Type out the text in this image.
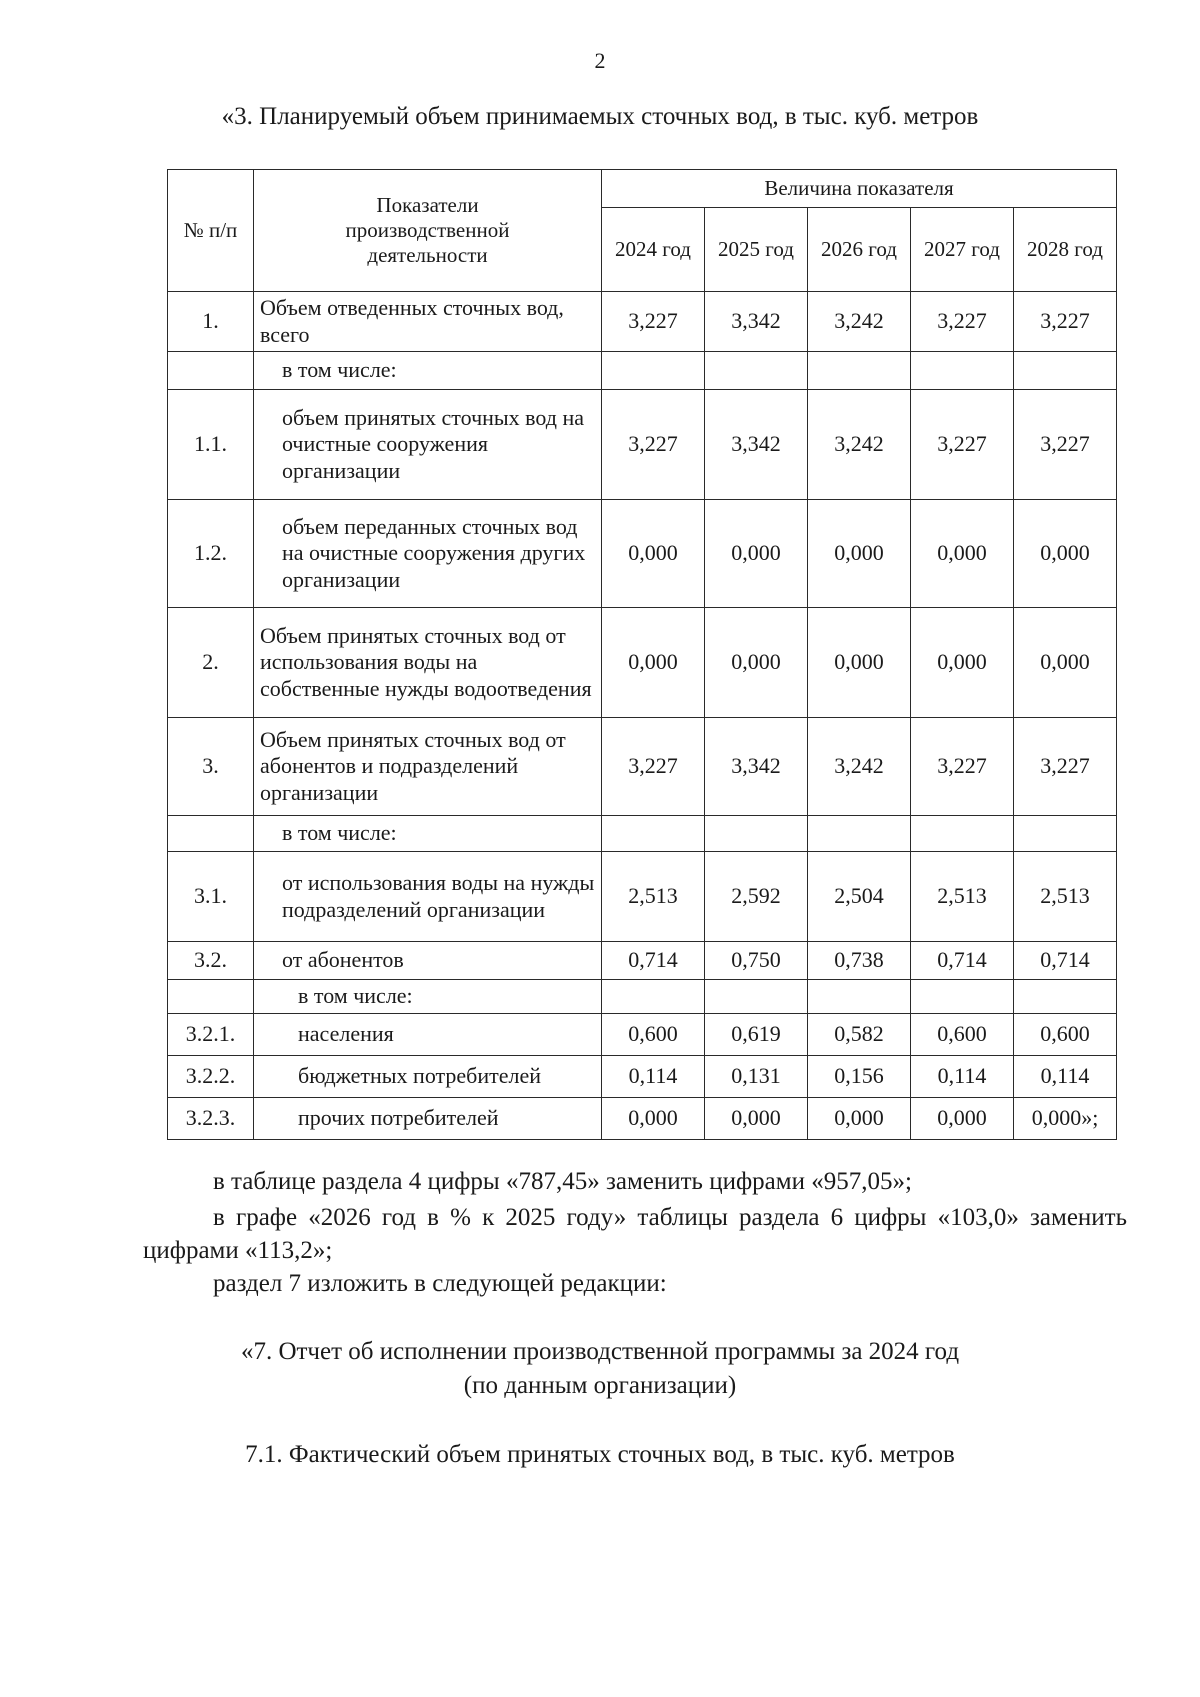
2
«3. Планируемый объем принимаемых сточных вод, в тыс. куб. метров
№ п/п	Показатели производственной деятельности	Величина показателя				
		2024 год	2025 год	2026 год	2027 год	2028 год
1.	Объем отведенных сточных вод, всего	3,227	3,342	3,242	3,227	3,227
	в том числе:					
1.1.	объем принятых сточных вод на очистные сооружения организации	3,227	3,342	3,242	3,227	3,227
1.2.	объем переданных сточных вод на очистные сооружения других организации	0,000	0,000	0,000	0,000	0,000
2.	Объем принятых сточных вод от использования воды на собственные нужды водоотведения	0,000	0,000	0,000	0,000	0,000
3.	Объем принятых сточных вод от абонентов и подразделений организации	3,227	3,342	3,242	3,227	3,227
	в том числе:					
3.1.	от использования воды на нужды подразделений организации	2,513	2,592	2,504	2,513	2,513
3.2.	от абонентов	0,714	0,750	0,738	0,714	0,714
	в том числе:					
3.2.1.	населения	0,600	0,619	0,582	0,600	0,600
3.2.2.	бюджетных потребителей	0,114	0,131	0,156	0,114	0,114
3.2.3.	прочих потребителей	0,000	0,000	0,000	0,000	0,000»;
в таблице раздела 4 цифры «787,45» заменить цифрами «957,05»;
в графе «2026 год в % к 2025 году» таблицы раздела 6 цифры «103,0» заменить цифрами «113,2»;
раздел 7 изложить в следующей редакции:
«7. Отчет об исполнении производственной программы за 2024 год
(по данным организации)
7.1. Фактический объем принятых сточных вод, в тыс. куб. метров
